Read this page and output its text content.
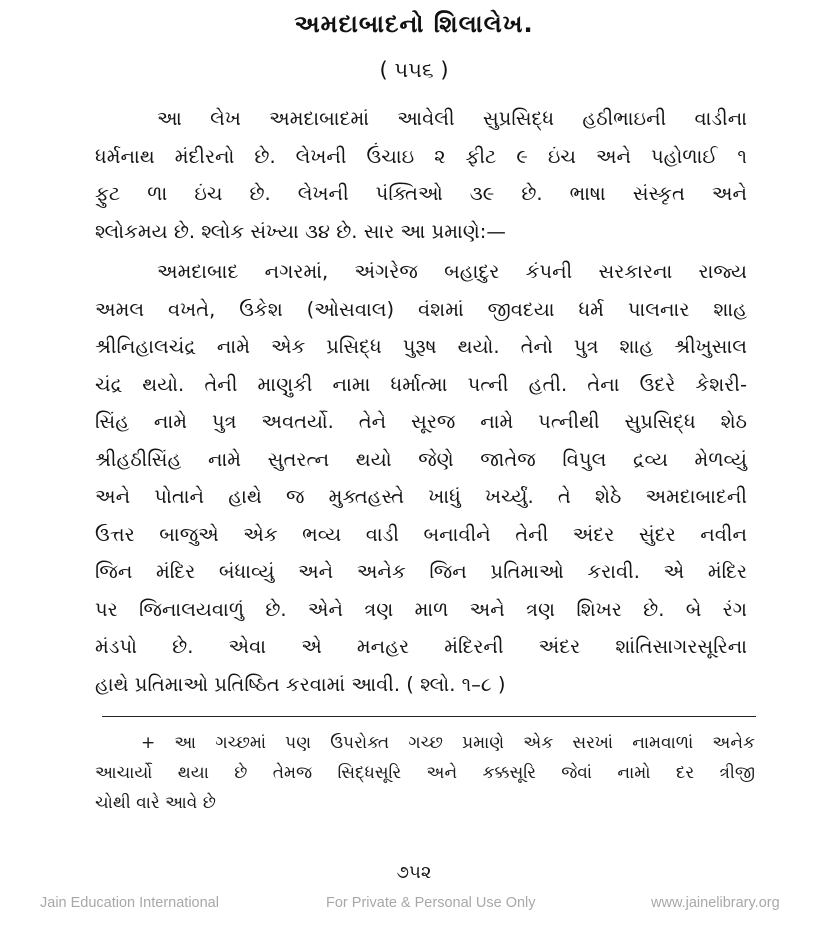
અમદાબાદનો શિલાલેખ.
( ૫૫૬ )
આ લેખ અમદાબાદમાં આવેલી સુપ્રસિદ્ધ હઠીભાઇની વાડીના
ધર્મનાથ મંદીરનો છે. લેખની ઉંચાઇ ૨ ફીટ ૯ ઇંચ અને પહોળાઈ ૧
ફુટ ળા ઇંચ છે. લેખની પંક્તિઓ ૩૯ છે. ભાષા સંસ્કૃત અને
શ્લોકમય છે. શ્લોક સંખ્યા ૩૪ છે. સાર આ પ્રમાણે:—
અમદાબાદ નગરમાં, અંગરેજ બહાદુર કંપની સરકારના રાજ્ય
અમલ વખતે, ઉકેશ (ઓસવાલ) વંશમાં જીવદયા ધર્મ પાલનાર શાહ
શ્રીનિહાલચંદ્ર નામે એક પ્રસિદ્ધ પુરૂષ થયો. તેનો પુત્ર શાહ શ્રીખુસાલ
ચંદ્ર થયો. તેની માણુકી નામા ધર્માત્મા પત્ની હતી. તેના ઉદરે કેશરી-
સિંહ નામે પુત્ર અવતર્યો. તેને સૂરજ નામે પત્નીથી સુપ્રસિદ્ધ શેઠ
શ્રીહઠીસિંહ નામે સુતરત્ન થયો જેણે જાતેજ વિપુલ દ્રવ્ય મેળવ્યું
અને પોતાને હાથે જ મુક્તહસ્તે ખાધું ખર્ચ્યું. તે શેઠે અમદાબાદની
ઉત્તર બાજુએ એક ભવ્ય વાડી બનાવીને તેની અંદર સુંદર નવીન
જિન મંદિર બંધાવ્યું અને અનેક જિન પ્રતિમાઓ કરાવી. એ મંદિર
પર જિનાલયવાળું છે. એને ત્રણ માળ અને ત્રણ શિખર છે. બે રંગ
મંડપો છે. એવા એ મનહર મંદિરની અંદર શાંતિસાગરસૂરિના
હાથે પ્રતિમાઓ પ્રતિષ્ઠિત કરવામાં આવી. ( શ્લો. ૧–૮ )
+ આ ગચ્છમાં પણ ઉપરોક્ત ગચ્છ પ્રમાણે એક સરખાં નામવાળાં અનેક
આચાર્યો થયા છે તેમજ સિદ્ધસૂરિ અને કક્કસૂરિ જેવાં નામો દર ત્રીજી
ચોથી વારે આવે છે
૭૫૨
Jain Education International	For Private & Personal Use Only	www.jainelibrary.org
